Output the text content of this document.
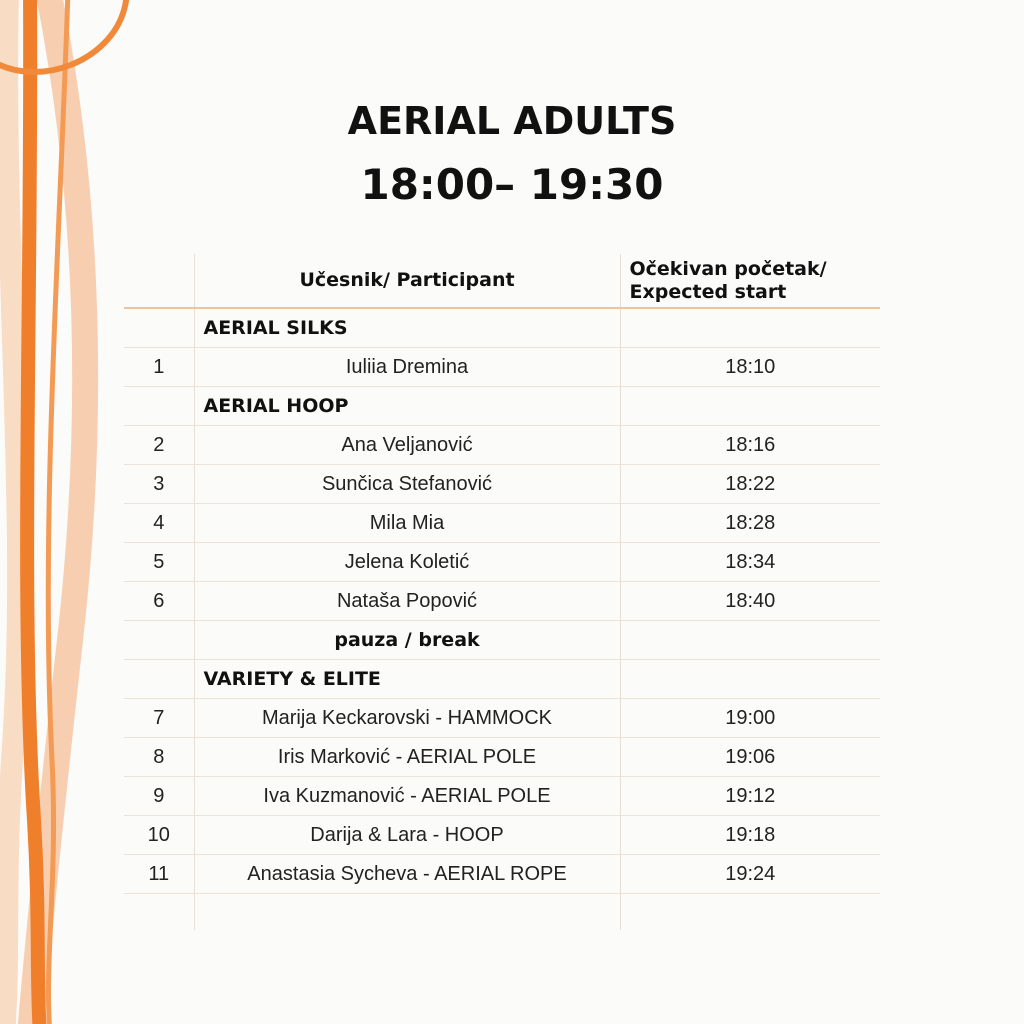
AERIAL ADULTS
18:00– 19:30
	Učesnik/ Participant	Očekivan početak/
Expected start

	AERIAL SILKS	
1	Iuliia Dremina	18:10
	AERIAL HOOP	
2	Ana Veljanović	18:16
3	Sunčica Stefanović	18:22
4	Mila Mia	18:28
5	Jelena Koletić	18:34
6	Nataša Popović	18:40
	pauza / break	
	VARIETY & ELITE	
7	Marija Keckarovski - HAMMOCK	19:00
8	Iris Marković - AERIAL POLE	19:06
9	Iva Kuzmanović - AERIAL POLE	19:12
10	Darija & Lara - HOOP	19:18
11	Anastasia Sycheva - AERIAL ROPE	19:24
